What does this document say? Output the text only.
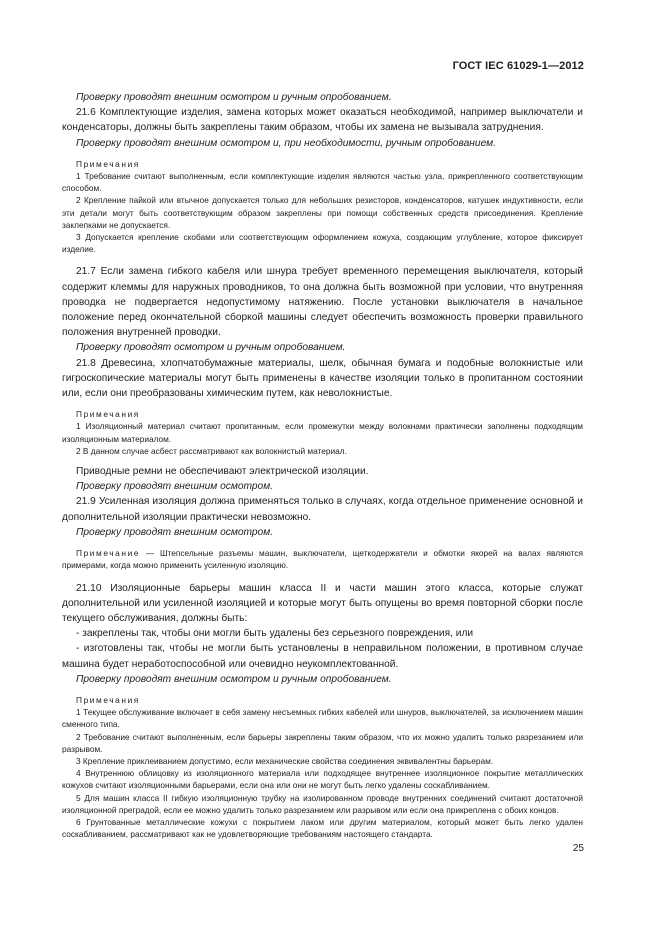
ГОСТ IEC 61029-1—2012

Проверку проводят внешним осмотром и ручным опробованием.

21.6 Комплектующие изделия, замена которых может оказаться необходимой, например выключатели и конденсаторы, должны быть закреплены таким образом, чтобы их замена не вызывала затруднения.

Проверку проводят внешним осмотром и, при необходимости, ручным опробованием.

Примечания

1 Требование считают выполненным, если комплектующие изделия являются частью узла, прикрепленного соответствующим способом.

2 Крепление пайкой или втычное допускается только для небольших резисторов, конденсаторов, катушек индуктивности, если эти детали могут быть соответствующим образом закреплены при помощи собственных средств присоединения. Крепление заклепками не допускается.

3 Допускается крепление скобами или соответствующим оформлением кожуха, создающим углубление, которое фиксирует изделие.

21.7 Если замена гибкого кабеля или шнура требует временного перемещения выключателя, который содержит клеммы для наружных проводников, то она должна быть возможной при условии, что внутренняя проводка не подвергается недопустимому натяжению. После установки выключателя в начальное положение перед окончательной сборкой машины следует обеспечить возможность проверки правильного положения внутренней проводки.

Проверку проводят осмотром и ручным опробованием.

21.8 Древесина, хлопчатобумажные материалы, шелк, обычная бумага и подобные волокнистые или гигроскопические материалы могут быть применены в качестве изоляции только в пропитанном состоянии или, если они преобразованы химическим путем, как неволокнистые.

Примечания

1 Изоляционный материал считают пропитанным, если промежутки между волокнами практически заполнены подходящим изоляционным материалом.

2 В данном случае асбест рассматривают как волокнистый материал.

Приводные ремни не обеспечивают электрической изоляции.

Проверку проводят внешним осмотром.

21.9 Усиленная изоляция должна применяться только в случаях, когда отдельное применение основной и дополнительной изоляции практически невозможно.

Проверку проводят внешним осмотром.

Примечание — Штепсельные разъемы машин, выключатели, щеткодержатели и обмотки якорей на валах являются примерами, когда можно применить усиленную изоляцию.

21.10 Изоляционные барьеры машин класса II и части машин этого класса, которые служат дополнительной или усиленной изоляцией и которые могут быть опущены во время повторной сборки после текущего обслуживания, должны быть:

- закреплены так, чтобы они могли быть удалены без серьезного повреждения, или

- изготовлены так, чтобы не могли быть установлены в неправильном положении, в противном случае машина будет неработоспособной или очевидно неукомплектованной.

Проверку проводят внешним осмотром и ручным опробованием.

Примечания

1 Текущее обслуживание включает в себя замену несъемных гибких кабелей или шнуров, выключателей, за исключением машин сменного типа.

2 Требование считают выполненным, если барьеры закреплены таким образом, что их можно удалить только разрезанием или разрывом.

3 Крепление приклеиванием допустимо, если механические свойства соединения эквивалентны барьерам.

4 Внутреннюю облицовку из изоляционного материала или подходящее внутреннее изоляционное покрытие металлических кожухов считают изоляционными барьерами, если она или они не могут быть легко удалены соскабливанием.

5 Для машин класса II гибкую изоляционную трубку на изолированном проводе внутренних соединений считают достаточной изоляционной преградой, если ее можно удалить только разрезанием или разрывом или если она прикреплена с обоих концов.

6 Грунтованные металлические кожухи с покрытием лаком или другим материалом, который может быть легко удален соскабливанием, рассматривают как не удовлетворяющие требованиям настоящего стандарта.

25
